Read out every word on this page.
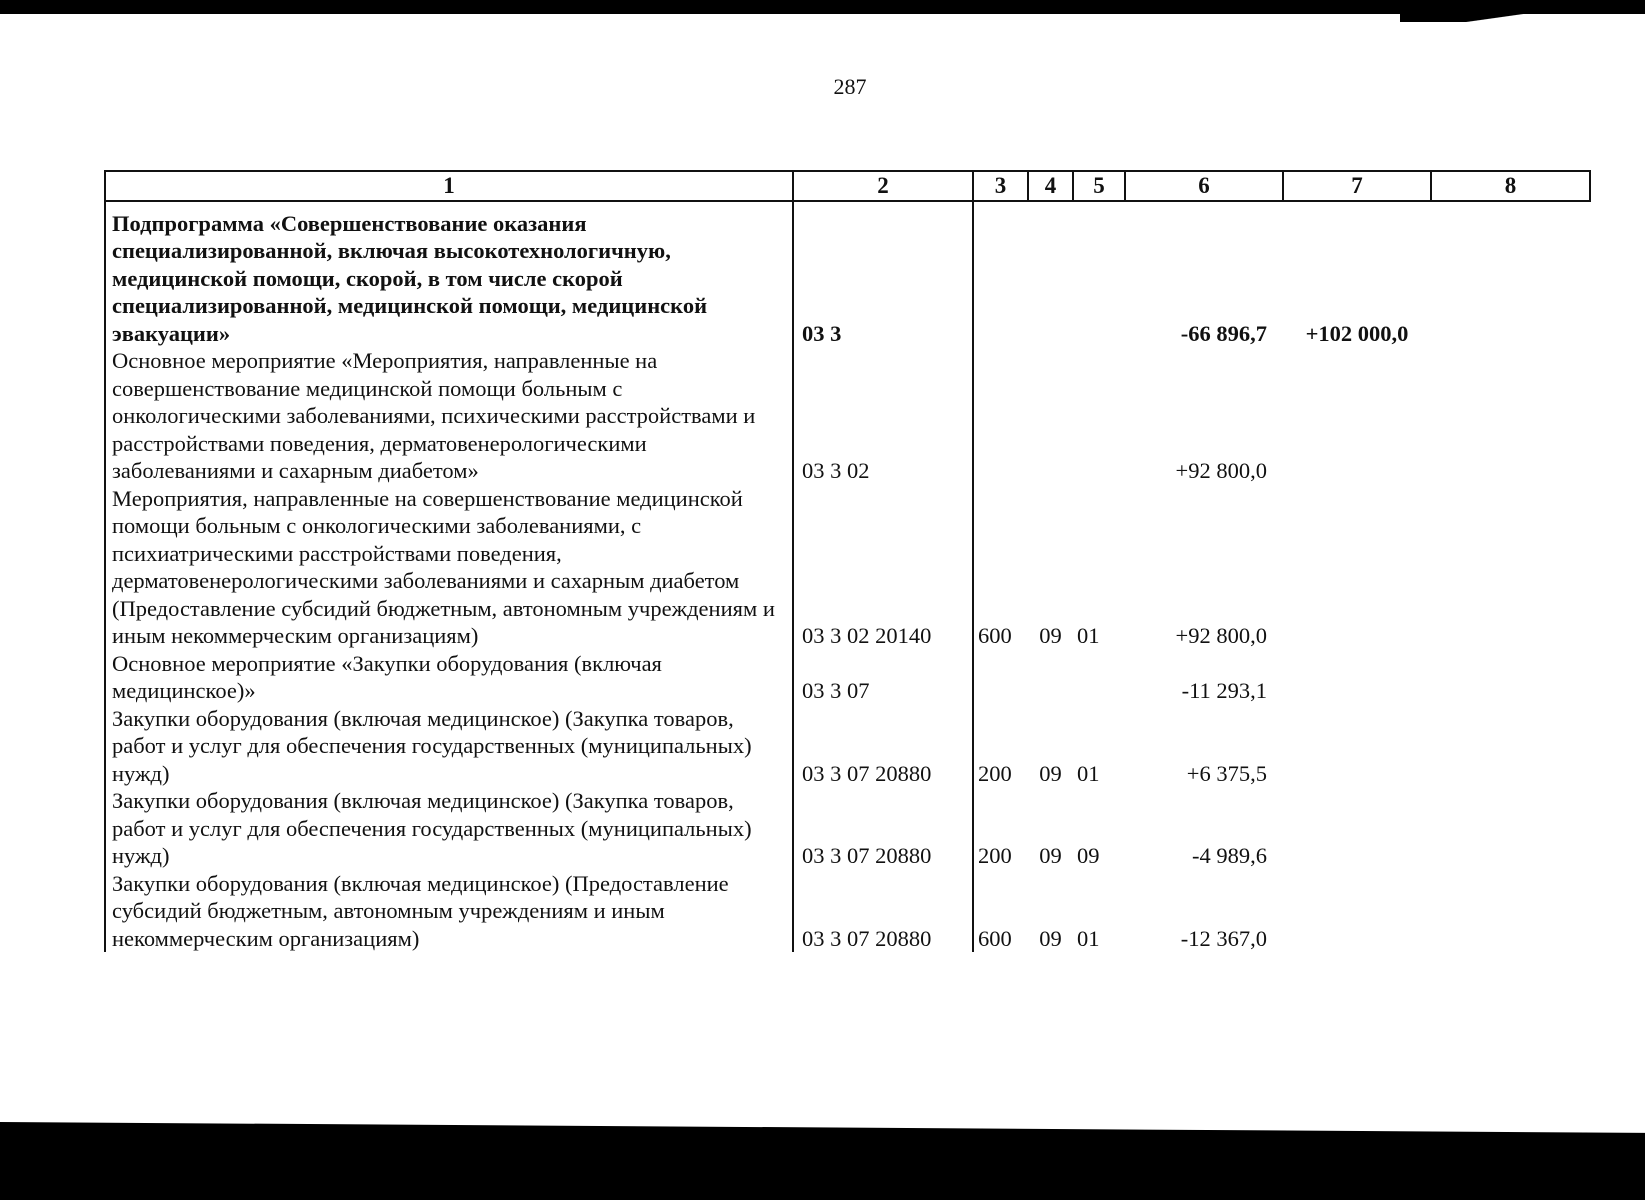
287
1	2	3	4	5	6	7	8
Подпрограмма «Совершенствование оказания специализированной, включая высокотехнологичную, медицинской помощи, скорой, в том числе скорой специализированной, медицинской помощи, медицинской эвакуации»	03 3				-66 896,7	+102 000,0	
Основное мероприятие «Мероприятия, направленные на совершенствование медицинской помощи больным с онкологическими заболеваниями, психическими расстройствами и расстройствами поведения, дерматовенерологическими заболеваниями и сахарным диабетом»	03 3 02				+92 800,0		
Мероприятия, направленные на совершенствование медицинской помощи больным с онкологическими заболеваниями, с психиатрическими расстройствами поведения, дерматовенерологическими заболеваниями и сахарным диабетом (Предоставление субсидий бюджетным, автономным учреждениям и иным некоммерческим организациям)	03 3 02 20140	600	09	01	+92 800,0		
Основное мероприятие «Закупки оборудования (включая медицинское)»	03 3 07				-11 293,1		
Закупки оборудования (включая медицинское) (Закупка товаров, работ и услуг для обеспечения государственных (муниципальных) нужд)	03 3 07 20880	200	09	01	+6 375,5		
Закупки оборудования (включая медицинское) (Закупка товаров, работ и услуг для обеспечения государственных (муниципальных) нужд)	03 3 07 20880	200	09	09	-4 989,6		
Закупки оборудования (включая медицинское) (Предоставление субсидий бюджетным, автономным учреждениям и иным некоммерческим организациям)	03 3 07 20880	600	09	01	-12 367,0		
